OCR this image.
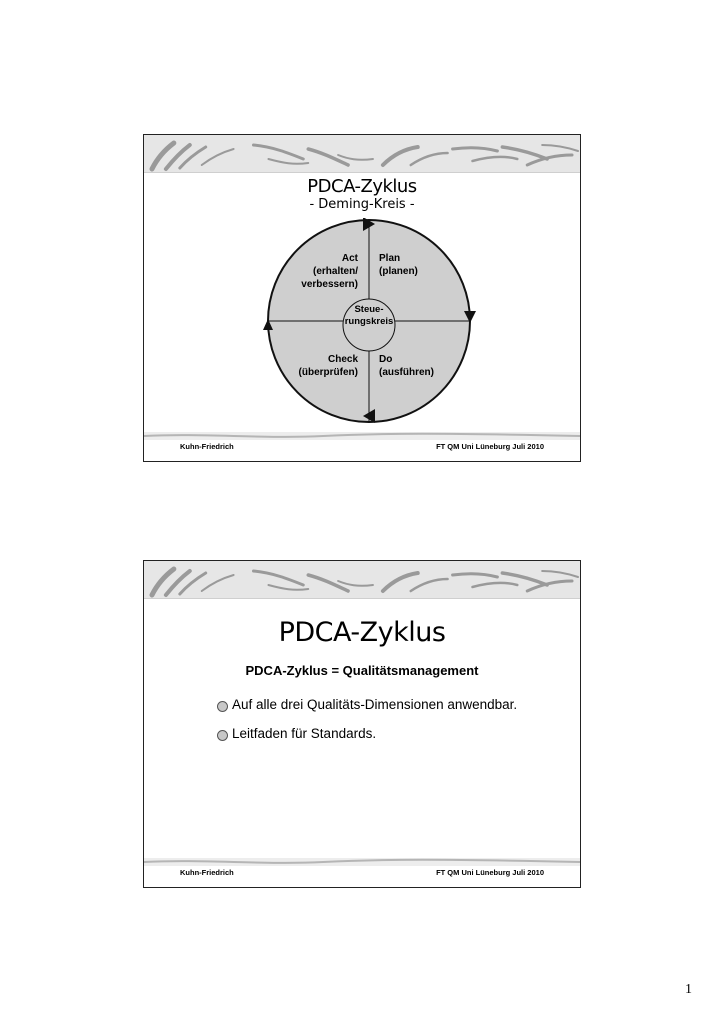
PDCA-Zyklus
- Deming-Kreis -
Act
(erhalten/
verbessern)
Plan
(planen)
Check
(überprüfen)
Do
(ausführen)
Steue-
rungskreis
Kuhn-Friedrich	FT QM Uni Lüneburg Juli 2010
PDCA-Zyklus
PDCA-Zyklus = Qualitätsmanagement
Auf alle drei Qualitäts-Dimensionen anwendbar.
Leitfaden für Standards.
Kuhn-Friedrich	FT QM Uni Lüneburg Juli 2010
1
